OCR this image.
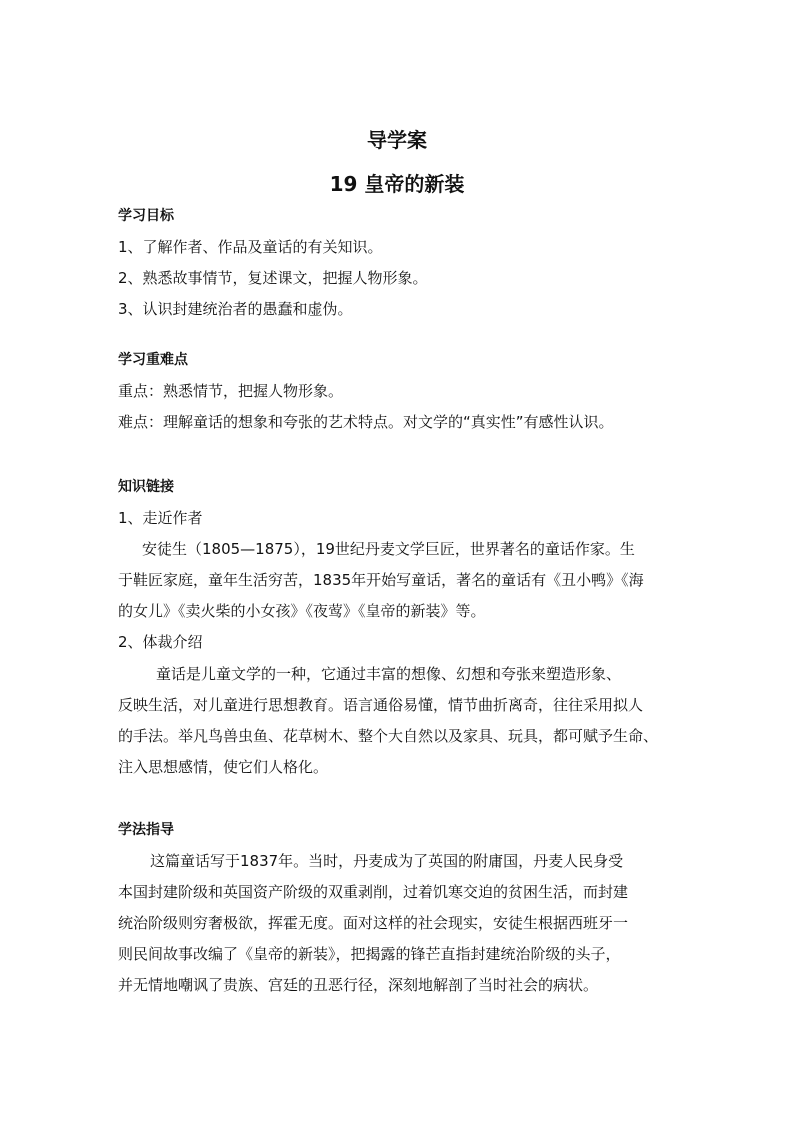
导学案
19 皇帝的新装

学习目标

1、了解作者、作品及童话的有关知识。

2、熟悉故事情节，复述课文，把握人物形象。

3、认识封建统治者的愚蠢和虚伪。

学习重难点

重点：熟悉情节，把握人物形象。

难点：理解童话的想象和夸张的艺术特点。对文学的“真实性”有感性认识。

知识链接

1、走近作者

安徒生（1805—1875），19世纪丹麦文学巨匠，世界著名的童话作家。生

于鞋匠家庭，童年生活穷苦，1835年开始写童话，著名的童话有《丑小鸭》《海

的女儿》《卖火柴的小女孩》《夜莺》《皇帝的新装》等。

2、体裁介绍

童话是儿童文学的一种，它通过丰富的想像、幻想和夸张来塑造形象、

反映生活，对儿童进行思想教育。语言通俗易懂，情节曲折离奇，往往采用拟人

的手法。举凡鸟兽虫鱼、花草树木、整个大自然以及家具、玩具，都可赋予生命、

注入思想感情，使它们人格化。

学法指导

这篇童话写于1837年。当时，丹麦成为了英国的附庸国，丹麦人民身受

本国封建阶级和英国资产阶级的双重剥削，过着饥寒交迫的贫困生活，而封建

统治阶级则穷奢极欲，挥霍无度。面对这样的社会现实，安徒生根据西班牙一

则民间故事改编了《皇帝的新装》，把揭露的锋芒直指封建统治阶级的头子，

并无情地嘲讽了贵族、宫廷的丑恶行径，深刻地解剖了当时社会的病状。
